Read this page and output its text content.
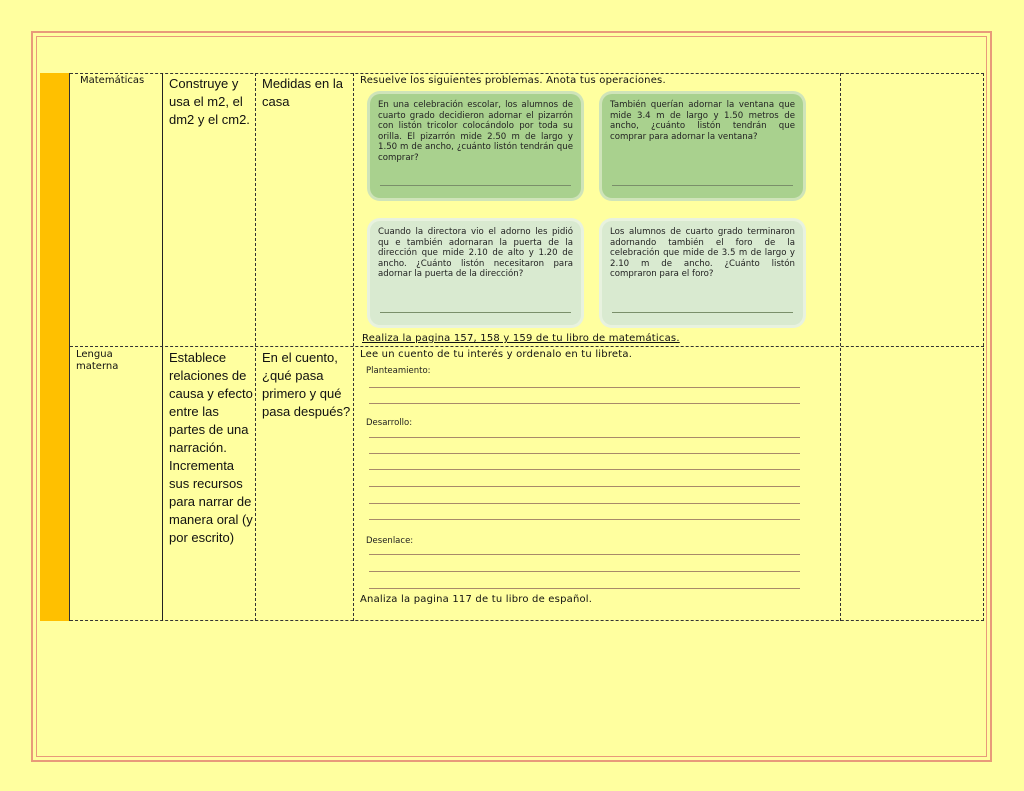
Matemáticas	Construye y usa el m2, el dm2 y el cm2.
Medidas en la casa
Resuelve los siguientes problemas. Anota tus operaciones.
En una celebración escolar, los alumnos de cuarto grado decidieron adornar el pizarrón con listón tricolor colocándolo por toda su orilla. El pizarrón mide 2.50 m de largo y 1.50 m de ancho, ¿cuánto listón tendrán que comprar?
También querían adornar la ventana que mide 3.4 m de largo y 1.50 metros de ancho, ¿cuánto listón tendrán que comprar para adornar la ventana?
Cuando la directora vio el adorno les pidió qu e también adornaran la puerta de la dirección que mide 2.10 de alto y 1.20 de ancho. ¿Cuánto listón necesitaron para adornar la puerta de la dirección?
Los alumnos de cuarto grado terminaron adornando también el foro de la celebración que mide de 3.5 m de largo y 2.10 m de ancho. ¿Cuánto listón compraron para el foro?
Realiza la pagina 157, 158 y 159 de tu libro de matemáticas.
Lengua materna
Establece relaciones de causa y efecto entre las partes de una narración. Incrementa sus recursos para narrar de manera oral (y por escrito)
En el cuento, ¿qué pasa primero y qué pasa después?
Lee un cuento de tu interés y ordenalo en tu libreta.
Planteamiento:
Desarrollo:
Desenlace:
Analiza la pagina 117 de tu libro de español.
